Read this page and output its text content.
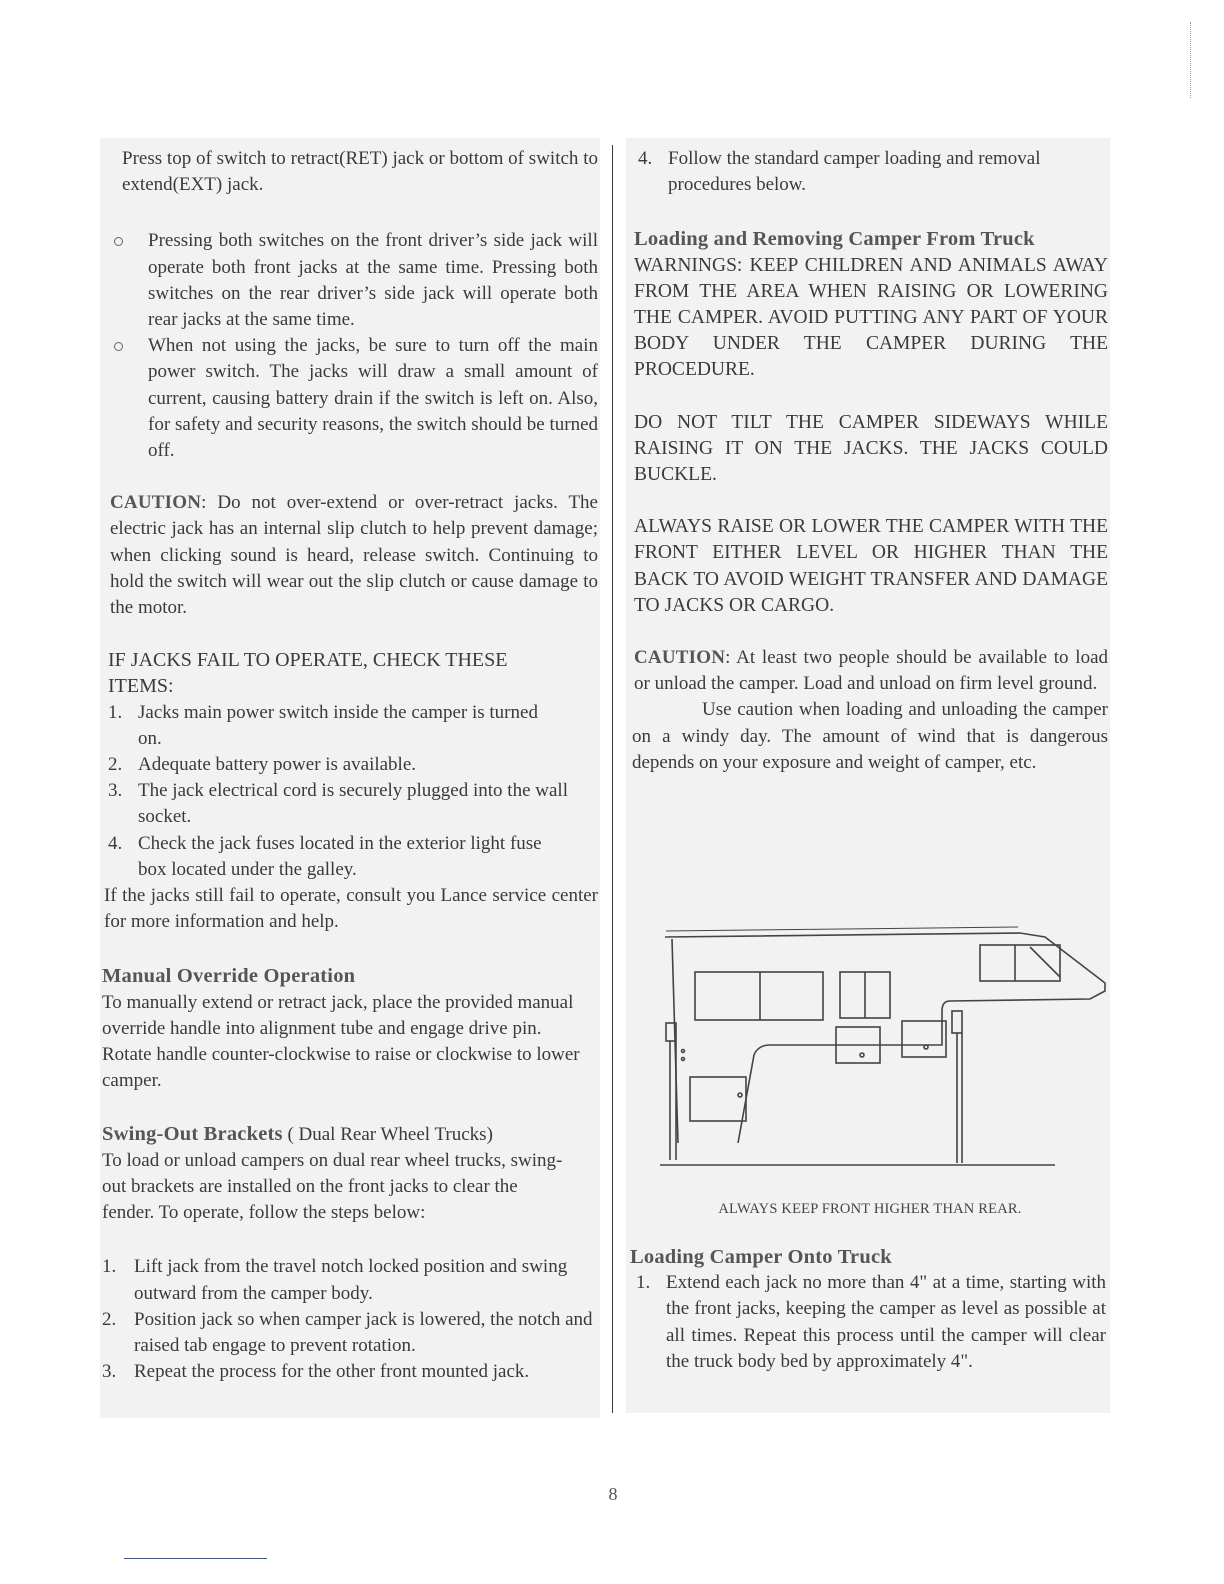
Press top of switch to retract(RET) jack or bottom of switch to extend(EXT) jack.

Pressing both switches on the front driver’s side jack will operate both front jacks at the same time. Pressing both switches on the rear driver’s side jack will operate both rear jacks at the same time.
When not using the jacks, be sure to turn off the main power switch. The jacks will draw a small amount of current, causing battery drain if the switch is left on. Also, for safety and security reasons, the switch should be turned off.

CAUTION: Do not over-extend or over-retract jacks. The electric jack has an internal slip clutch to help prevent damage; when clicking sound is heard, release switch. Continuing to hold the switch will wear out the slip clutch or cause damage to the motor.

IF JACKS FAIL TO OPERATE, CHECK THESE ITEMS:

1. Jacks main power switch inside the camper is turned on.
2. Adequate battery power is available.
3. The jack electrical cord is securely plugged into the wall socket.
4. Check the jack fuses located in the exterior light fuse box located under the galley.

If the jacks still fail to operate, consult you Lance service center for more information and help.

Manual Override Operation

To manually extend or retract jack, place the provided manual override handle into alignment tube and engage drive pin. Rotate handle counter-clockwise to raise or clockwise to lower camper.

Swing-Out Brackets ( Dual Rear Wheel Trucks)

To load or unload campers on dual rear wheel trucks, swing-out brackets are installed on the front jacks to clear the fender. To operate, follow the steps below:

1. Lift jack from the travel notch locked position and swing outward from the camper body.
2. Position jack so when camper jack is lowered, the notch and raised tab engage to prevent rotation.
3. Repeat the process for the other front mounted jack.
4. Follow the standard camper loading and removal procedures below.

Loading and Removing Camper From Truck

WARNINGS: KEEP CHILDREN AND ANIMALS AWAY FROM THE AREA WHEN RAISING OR LOWERING THE CAMPER. AVOID PUTTING ANY PART OF YOUR BODY UNDER THE CAMPER DURING THE PROCEDURE.

DO NOT TILT THE CAMPER SIDEWAYS WHILE RAISING IT ON THE JACKS. THE JACKS COULD BUCKLE.

ALWAYS RAISE OR LOWER THE CAMPER WITH THE FRONT EITHER LEVEL OR HIGHER THAN THE BACK TO AVOID WEIGHT TRANSFER AND DAMAGE TO JACKS OR CARGO.

CAUTION: At least two people should be available to load or unload the camper. Load and unload on firm level ground.

Use caution when loading and unloading the camper on a windy day. The amount of wind that is dangerous depends on your exposure and weight of camper, etc.

ALWAYS KEEP FRONT HIGHER THAN REAR.

Loading Camper Onto Truck

1. Extend each jack no more than 4" at a time, starting with the front jacks, keeping the camper as level as possible at all times. Repeat this process until the camper will clear the truck body bed by approximately 4".
8
